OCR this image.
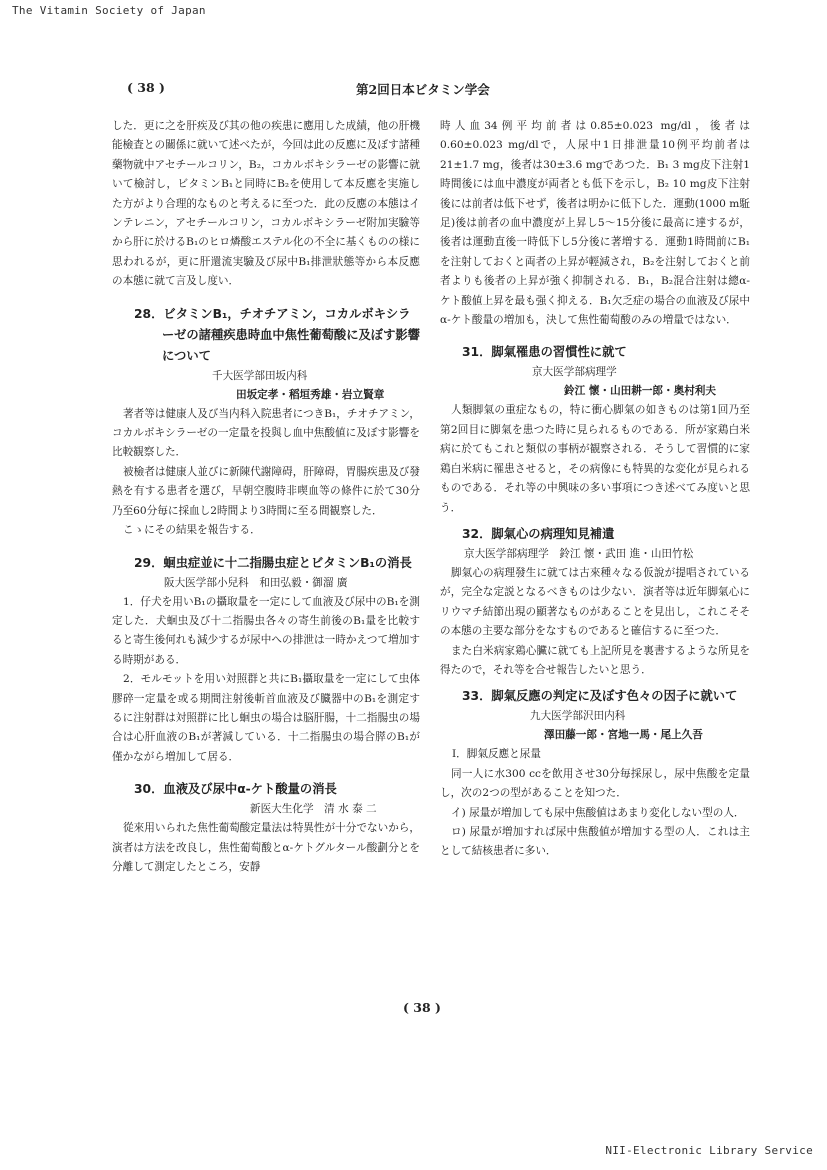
The Vitamin Society of Japan
( 38 )	第2回日本ビタミン学会

した．更に之を肝疾及び其の他の疾患に應用した成績，他の肝機能檢査との關係に就いて述べたが，今回は此の反應に及ぼす諸種藥物就中アセチールコリン，B₂，コカルボキシラーゼの影響に就いて檢討し，ビタミンB₁と同時にB₂を使用して本反應を実施した方がより合理的なものと考えるに至つた．此の反應の本態はインテレニン，アセチールコリン，コカルボキシラーゼ附加実驗等から肝に於けるB₁のヒロ燐酸エステル化の不全に基くものの様に思われるが，更に肝還流実驗及び尿中B₁排泄狀態等から本反應の本態に就て言及し度い．

28．ビタミンB₁，チオチアミン，コカルボキシラーゼの諸種疾患時血中焦性葡萄酸に及ぼす影響について

千大医学部田坂内科

田坂定孝・稻垣秀雄・岩立賢章

著者等は健康人及び当内科入院患者につきB₁，チオチアミン，コカルボキシラーゼの一定量を投與し血中焦酸値に及ぼす影響を比較観察した．

被檢者は健康人並びに新陳代謝障碍，肝障碍，胃腸疾患及び發熱を有する患者を選び，早朝空腹時非喫血等の條件に於て30分乃至60分毎に採血し2時間より3時間に至る間観察した．

こゝにその結果を報告する．

29．蛔虫症並に十二指腸虫症とビタミンB₁の消長

阪大医学部小兒科　和田弘毅・御溜 廣

1．仔犬を用いB₁の攝取量を一定にして血液及び尿中のB₁を測定した．犬蛔虫及び十二指腸虫各々の寄生前後のB₁量を比較すると寄生後何れも減少するが尿中への排泄は一時かえつて増加する時期がある．

2．モルモットを用い対照群と共にB₁攝取量を一定にして虫体膠碎一定量を或る期間注射後斬首血液及び臓器中のB₁を測定するに注射群は対照群に比し蛔虫の場合は脳肝腸，十二指腸虫の場合は心肝血液のB₁が著減している．十二指腸虫の場合膵のB₁が僅かながら増加して居る．

30．血液及び尿中α-ケト酸量の消長

新医大生化学　清 水 泰 二

從來用いられた焦性葡萄酸定量法は特異性が十分でないから，演者は方法を改良し，焦性葡萄酸とα-ケトグルタール酸劃分とを分離して測定したところ，安靜

時人血34例平均前者は0.85±0.023 mg/dl，後者は0.60±0.023 mg/dlで，人尿中1日排泄量10例平均前者は21±1.7 mg，後者は30±3.6 mgであつた．B₁ 3 mg皮下注射1時間後には血中濃度が両者とも低下を示し，B₂ 10 mg皮下注射後には前者は低下せず，後者は明かに低下した．運動(1000 m駈足)後は前者の血中濃度が上昇し5〜15分後に最高に達するが，後者は運動直後一時低下し5分後に著増する．運動1時間前にB₁を注射しておくと両者の上昇が輕減され，B₂を注射しておくと前者よりも後者の上昇が強く抑制される．B₁，B₂混合注射は總α-ケト酸値上昇を最も强く抑える．B₁欠乏症の場合の血液及び尿中α-ケト酸量の増加も，決して焦性葡萄酸のみの増量ではない．

31．脚氣罹患の習慣性に就て

京大医学部病理学

鈴江 懷・山田耕一郎・奥村利夫

人類脚氣の重症なもの，特に衝心脚氣の如きものは第1回乃至第2回目に脚氣を患つた時に見られるものである．所が家鶏白米病に於てもこれと類似の事柄が観察される．そうして習慣的に家鶏白米病に罹患させると，その病像にも特異的な変化が見られるものである．それ等の中興味の多い事項につき述べてみ度いと思う．

32．脚氣心の病理知見補遺

京大医学部病理学　鈴江 懷・武田 進・山田竹松

脚氣心の病理發生に就ては古來種々なる仮說が提唱されているが，完全な定説となるべきものは少ない．演者等は近年脚氣心にリウマチ結節出現の顯著なものがあることを見出し，これこそその本態の主要な部分をなすものであると確信するに至つた．

また白米病家鶏心臟に就ても上記所見を裏書するような所見を得たので，それ等を合せ報告したいと思う．

33．脚氣反應の判定に及ぼす色々の因子に就いて

九大医学部沢田内科

澤田藤一郎・宮地一馬・尾上久吾

I．脚氣反應と尿量

同一人に水300 ccを飲用させ30分毎採尿し，尿中焦酸を定量し，次の2つの型があることを知つた．

イ) 尿量が増加しても尿中焦酸値はあまり変化しない型の人．

ロ) 尿量が増加すれば尿中焦酸値が増加する型の人．これは主として結核患者に多い．

( 38 )
NII-Electronic Library Service
